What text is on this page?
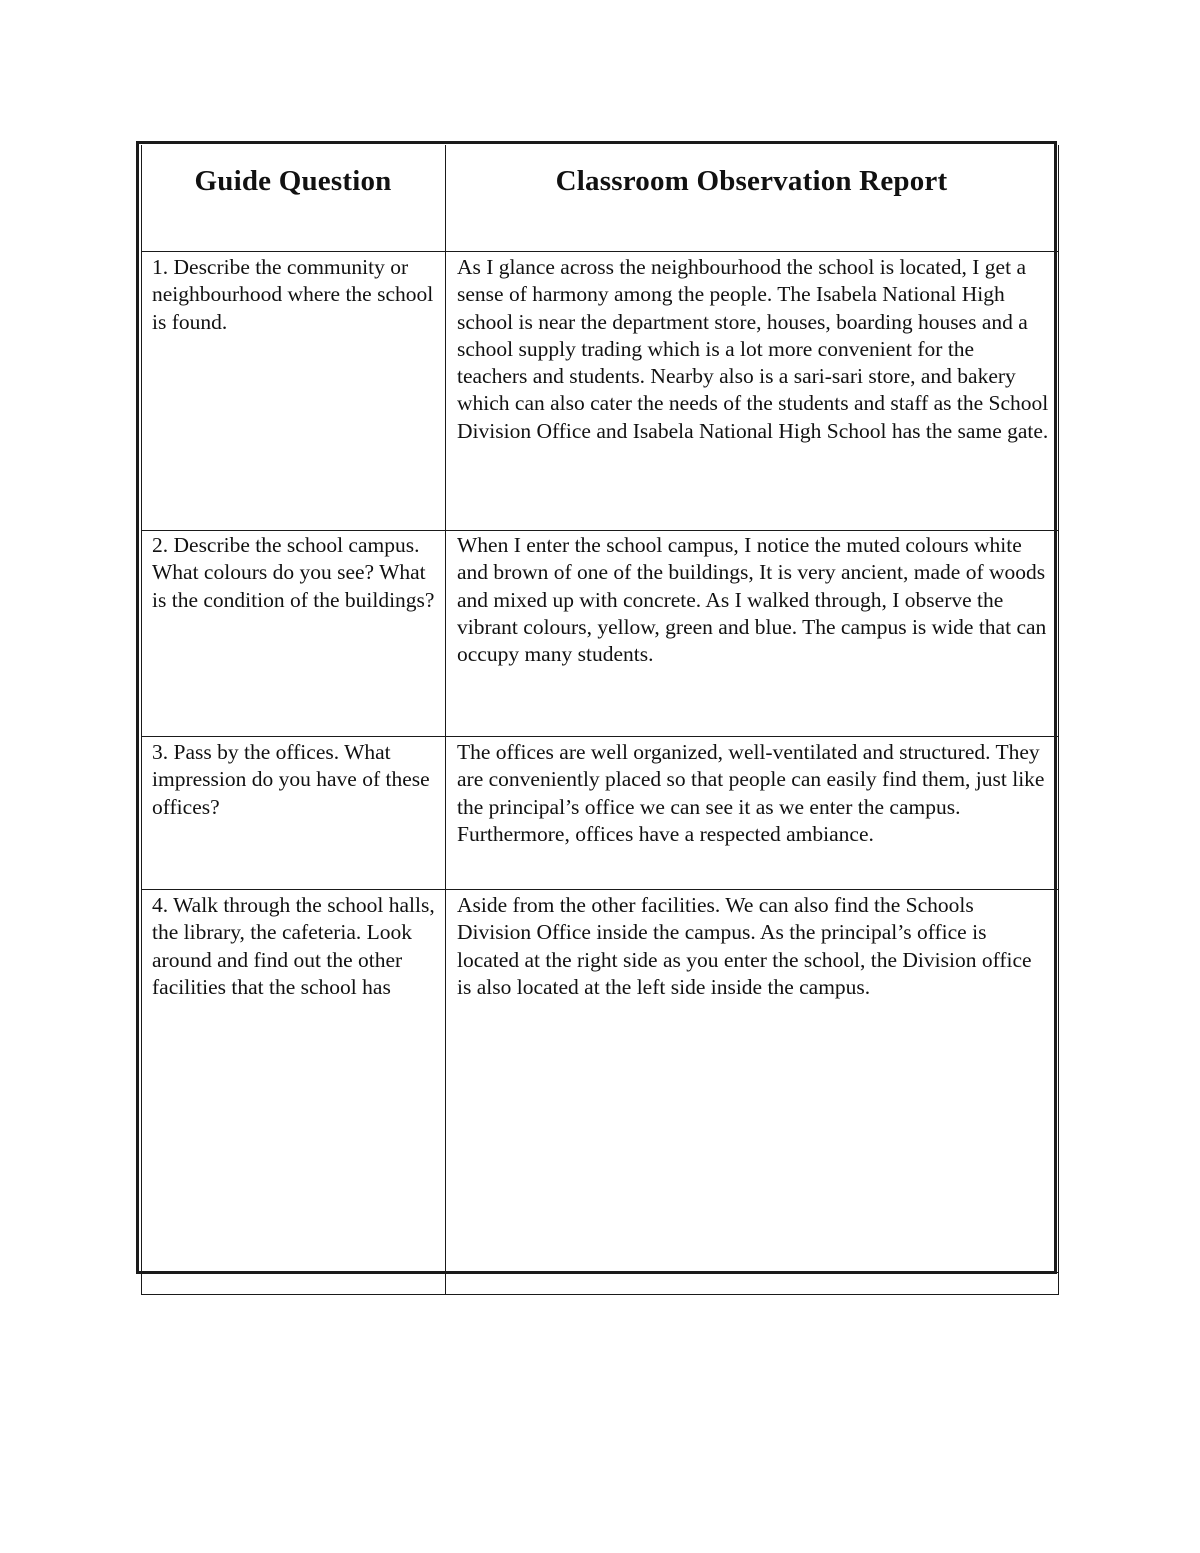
Guide Question	Classroom Observation Report
1. Describe the community or neighbourhood where the school is found.
As I glance across the neighbourhood the school is located, I get a sense of harmony among the people. The Isabela National High school is near the department store, houses, boarding houses and a school supply trading which is a lot more convenient for the teachers and students. Nearby also is a sari-sari store, and bakery which can also cater the needs of the students and staff as the School Division Office and Isabela National High School has the same gate.
2. Describe the school campus. What colours do you see? What is the condition of the buildings?
When I enter the school campus, I notice the muted colours white and brown of one of the buildings, It is very ancient, made of woods and mixed up with concrete. As I walked through, I observe the vibrant colours, yellow, green and blue. The campus is wide that can occupy many students.
3. Pass by the offices. What impression do you have of these offices?
The offices are well organized, well-ventilated and structured. They are conveniently placed so that people can easily find them, just like the principal’s office we can see it as we enter the campus. Furthermore, offices have a respected ambiance.
4. Walk through the school halls, the library, the cafeteria. Look around and find out the other facilities that the school has
Aside from the other facilities. We can also find the Schools Division Office inside the campus. As the principal’s office is located at the right side as you enter the school, the Division office is also located at the left side inside the campus.
